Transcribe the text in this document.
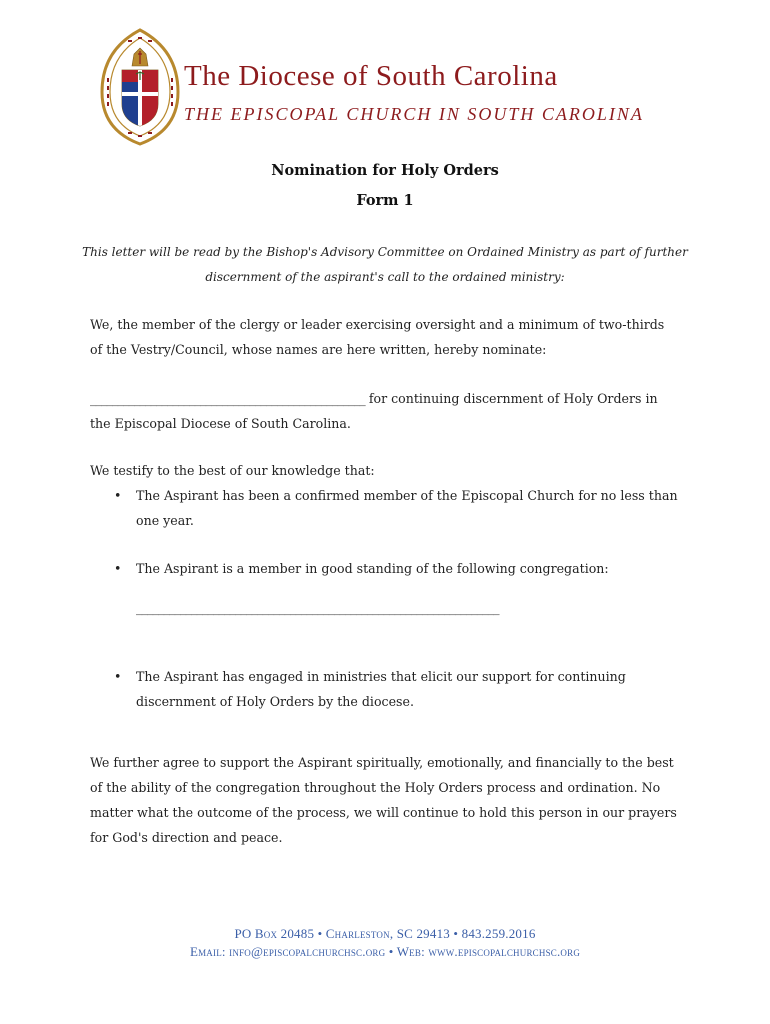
The Diocese of South Carolina
THE EPISCOPAL CHURCH IN SOUTH CAROLINA
Nomination for Holy Orders
Form 1
This letter will be read by the Bishop's Advisory Committee on Ordained Ministry as part of further
discernment of the aspirant's call to the ordained ministry:
We, the member of the clergy or leader exercising oversight and a minimum of two-thirds of the Vestry/Council, whose names are here written, hereby nominate:
__________________________________________________ for continuing discernment of Holy Orders in the Episcopal Diocese of South Carolina.
We testify to the best of our knowledge that:
• The Aspirant has been a confirmed member of the Episcopal Church for no less than one year.
• The Aspirant is a member in good standing of the following congregation:
__________________________________________________________________
• The Aspirant has engaged in ministries that elicit our support for continuing discernment of Holy Orders by the diocese.
We further agree to support the Aspirant spiritually, emotionally, and financially to the best of the ability of the congregation throughout the Holy Orders process and ordination. No matter what the outcome of the process, we will continue to hold this person in our prayers for God's direction and peace.
PO Box 20485 • Charleston, SC 29413 • 843.259.2016
Email: info@episcopalchurchsc.org • Web: www.episcopalchurchsc.org
